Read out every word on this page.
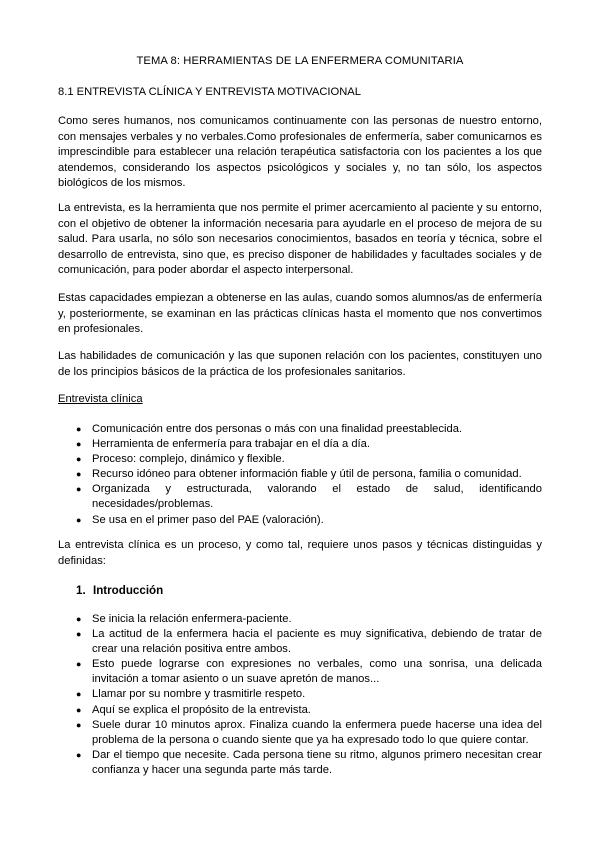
TEMA 8: HERRAMIENTAS DE LA ENFERMERA COMUNITARIA
8.1 ENTREVISTA CLÍNICA Y ENTREVISTA MOTIVACIONAL

Como seres humanos, nos comunicamos continuamente con las personas de nuestro entorno, con mensajes verbales y no verbales.Como profesionales de enfermería, saber comunicarnos es imprescindible para establecer una relación terapéutica satisfactoria con los pacientes a los que atendemos, considerando los aspectos psicológicos y sociales y, no tan sólo, los aspectos biológicos de los mismos.

La entrevista, es la herramienta que nos permite el primer acercamiento al paciente y su entorno, con el objetivo de obtener la información necesaria para ayudarle en el proceso de mejora de su salud. Para usarla, no sólo son necesarios conocimientos, basados en teoría y técnica, sobre el desarrollo de entrevista, sino que, es preciso disponer de habilidades y facultades sociales y de comunicación, para poder abordar el aspecto interpersonal.

Estas capacidades empiezan a obtenerse en las aulas, cuando somos alumnos/as de enfermería y, posteriormente, se examinan en las prácticas clínicas hasta el momento que nos convertimos en profesionales.

Las habilidades de comunicación y las que suponen relación con los pacientes, constituyen uno de los principios básicos de la práctica de los profesionales sanitarios.

Entrevista clínica
● Comunicación entre dos personas o más con una finalidad preestablecida.
● Herramienta de enfermería para trabajar en el día a día.
● Proceso: complejo, dinámico y flexible.
● Recurso idóneo para obtener información fiable y útil de persona, familia o comunidad.
● Organizada y estructurada, valorando el estado de salud, identificando necesidades/problemas.
● Se usa en el primer paso del PAE (valoración).

La entrevista clínica es un proceso, y como tal, requiere unos pasos y técnicas distinguidas y definidas:

1. Introducción
● Se inicia la relación enfermera-paciente.
● La actitud de la enfermera hacia el paciente es muy significativa, debiendo de tratar de crear una relación positiva entre ambos.
● Esto puede lograrse con expresiones no verbales, como una sonrisa, una delicada invitación a tomar asiento o un suave apretón de manos...
● Llamar por su nombre y trasmitirle respeto.
● Aquí se explica el propósito de la entrevista.
● Suele durar 10 minutos aprox. Finaliza cuando la enfermera puede hacerse una idea del problema de la persona o cuando siente que ya ha expresado todo lo que quiere contar.
● Dar el tiempo que necesite. Cada persona tiene su ritmo, algunos primero necesitan crear confianza y hacer una segunda parte más tarde.
